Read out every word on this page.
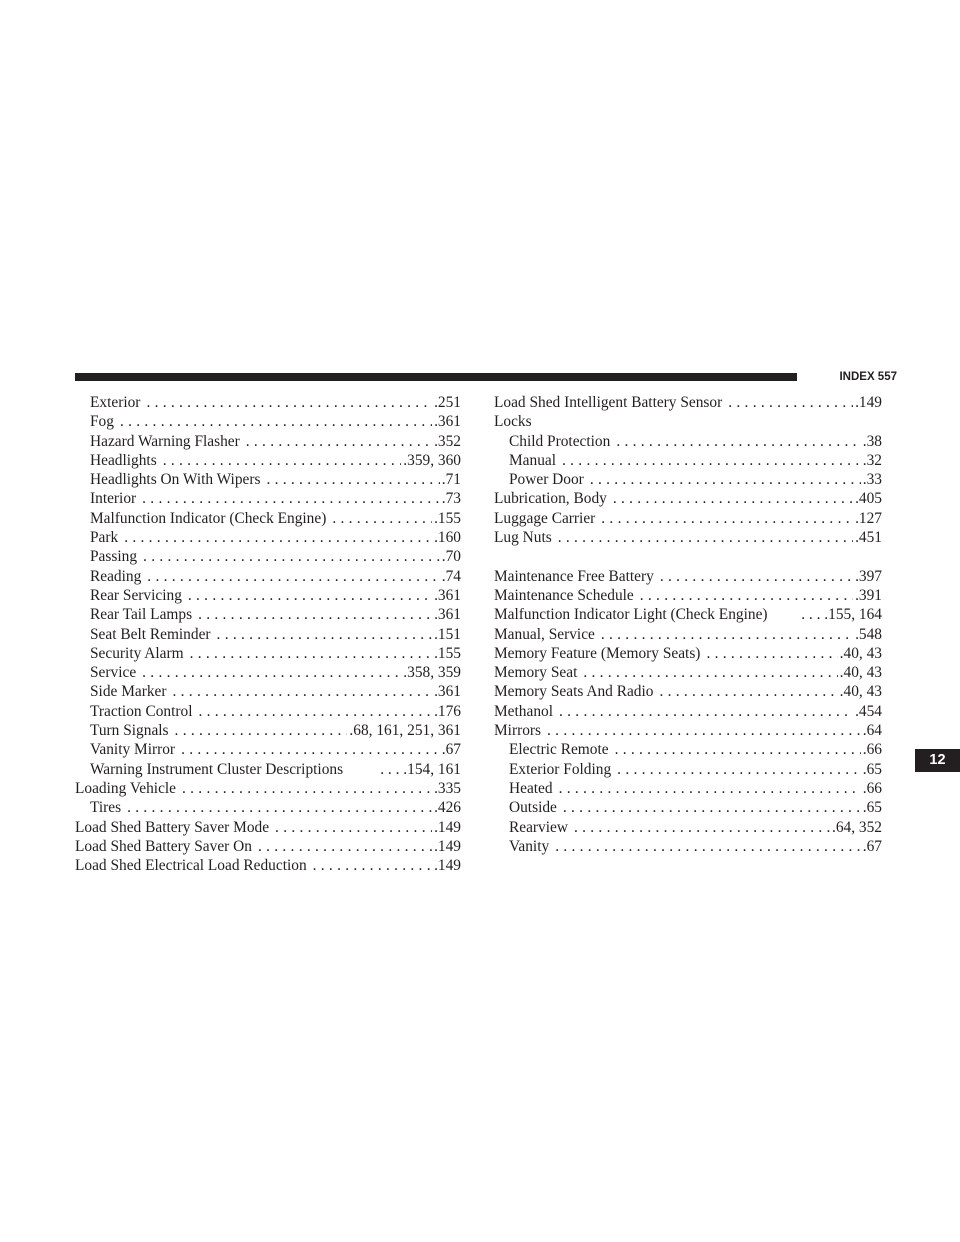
INDEX 557
Exterior .....	.251
Fog .....	.361
Hazard Warning Flasher .....	.352
Headlights .....	.359, 360
Headlights On With Wipers .....	.71
Interior .....	.73
Malfunction Indicator (Check Engine) .....	.155
Park .....	.160
Passing .....	.70
Reading .....	.74
Rear Servicing .....	.361
Rear Tail Lamps .....	.361
Seat Belt Reminder .....	.151
Security Alarm .....	.155
Service .....	.358, 359
Side Marker .....	.361
Traction Control .....	.176
Turn Signals .....	.68, 161, 251, 361
Vanity Mirror .....	.67
Warning Instrument Cluster Descriptions . . . .154, 161
Loading Vehicle .....	.335
Tires .....	.426
Load Shed Battery Saver Mode .....	.149
Load Shed Battery Saver On .....	.149
Load Shed Electrical Load Reduction .....	.149
Load Shed Intelligent Battery Sensor .....	.149
Locks
Child Protection .....	.38
Manual .....	.32
Power Door .....	.33
Lubrication, Body .....	.405
Luggage Carrier .....	.127
Lug Nuts .....	.451
Maintenance Free Battery .....	.397
Maintenance Schedule .....	.391
Malfunction Indicator Light (Check Engine) . . . .155, 164
Manual, Service .....	.548
Memory Feature (Memory Seats) .....	.40, 43
Memory Seat .....	.40, 43
Memory Seats And Radio .....	.40, 43
Methanol .....	.454
Mirrors .....	.64
Electric Remote .....	.66
Exterior Folding .....	.65
Heated .....	.66
Outside .....	.65
Rearview .....	.64, 352
Vanity .....	.67
12
